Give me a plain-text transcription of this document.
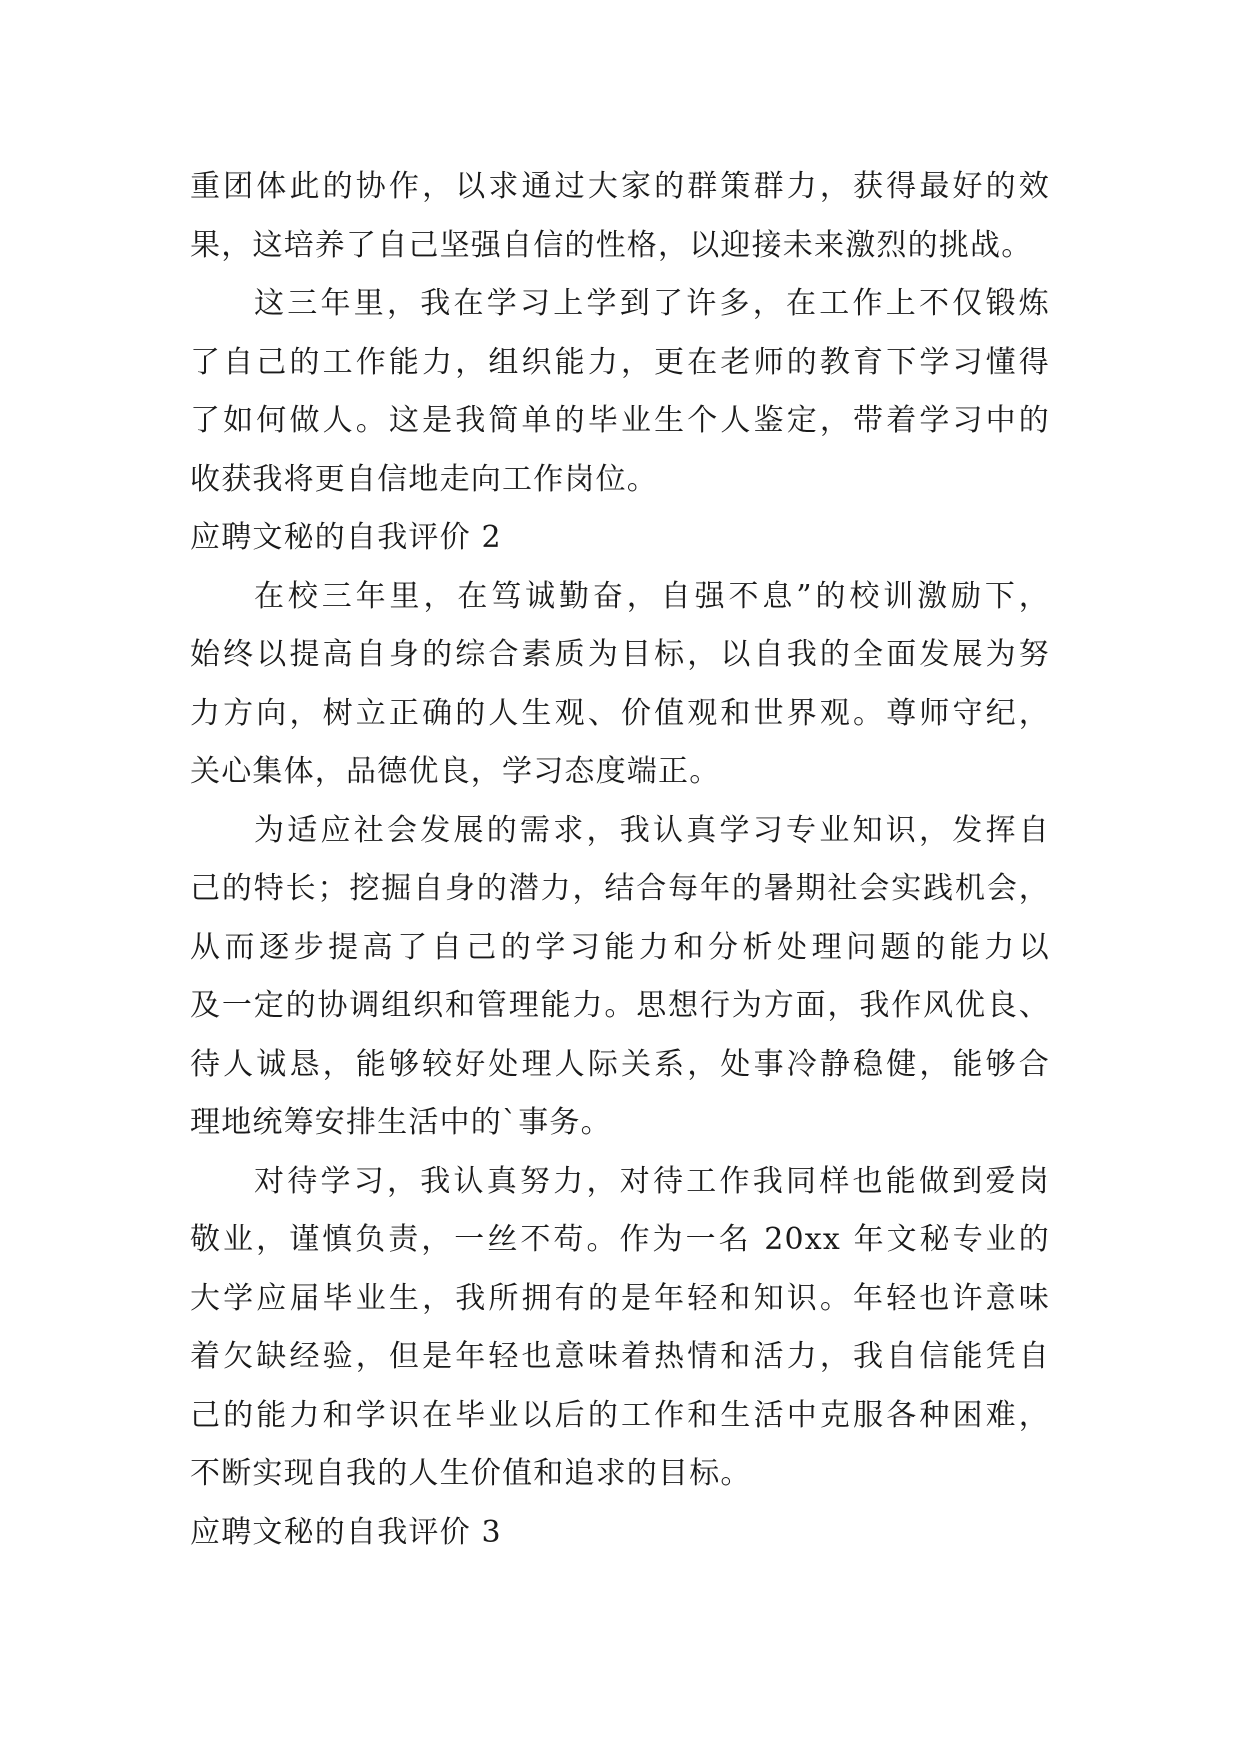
重团体此的协作，以求通过大家的群策群力，获得最好的效
果，这培养了自己坚强自信的性格，以迎接未来激烈的挑战。
这三年里，我在学习上学到了许多，在工作上不仅锻炼
了自己的工作能力，组织能力，更在老师的教育下学习懂得
了如何做人。这是我简单的毕业生个人鉴定，带着学习中的
收获我将更自信地走向工作岗位。
应聘文秘的自我评价 2
在校三年里，在笃诚勤奋，自强不息”的校训激励下，
始终以提高自身的综合素质为目标，以自我的全面发展为努
力方向，树立正确的人生观、价值观和世界观。尊师守纪，
关心集体，品德优良，学习态度端正。
为适应社会发展的需求，我认真学习专业知识，发挥自
己的特长；挖掘自身的潜力，结合每年的暑期社会实践机会，
从而逐步提高了自己的学习能力和分析处理问题的能力以
及一定的协调组织和管理能力。思想行为方面，我作风优良、
待人诚恳，能够较好处理人际关系，处事冷静稳健，能够合
理地统筹安排生活中的`事务。
对待学习，我认真努力，对待工作我同样也能做到爱岗
敬业，谨慎负责，一丝不苟。作为一名 20xx 年文秘专业的
大学应届毕业生，我所拥有的是年轻和知识。年轻也许意味
着欠缺经验，但是年轻也意味着热情和活力，我自信能凭自
己的能力和学识在毕业以后的工作和生活中克服各种困难，
不断实现自我的人生价值和追求的目标。
应聘文秘的自我评价 3
